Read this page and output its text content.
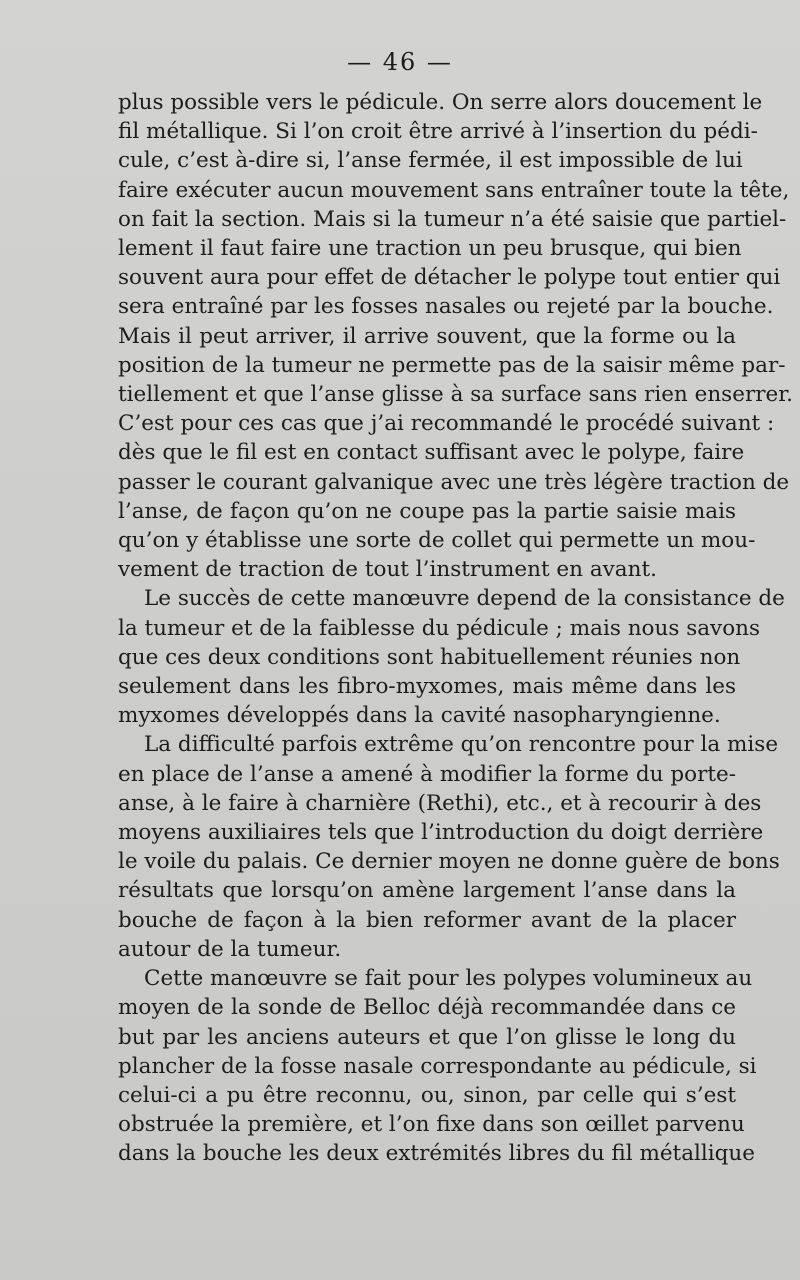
— 46 —
plus possible vers le pédicule. On serre alors doucement le
fil métallique. Si l’on croit être arrivé à l’insertion du pédi-
cule, c’est à-dire si, l’anse fermée, il est impossible de lui
faire exécuter aucun mouvement sans entraîner toute la tête,
on fait la section. Mais si la tumeur n’a été saisie que partiel-
lement il faut faire une traction un peu brusque, qui bien
souvent aura pour effet de détacher le polype tout entier qui
sera entraîné par les fosses nasales ou rejeté par la bouche.
Mais il peut arriver, il arrive souvent, que la forme ou la
position de la tumeur ne permette pas de la saisir même par-
tiellement et que l’anse glisse à sa surface sans rien enserrer.
C’est pour ces cas que j’ai recommandé le procédé suivant :
dès que le fil est en contact suffisant avec le polype, faire
passer le courant galvanique avec une très légère traction de
l’anse, de façon qu’on ne coupe pas la partie saisie mais
qu’on y établisse une sorte de collet qui permette un mou-
vement de traction de tout l’instrument en avant.
Le succès de cette manœuvre depend de la consistance de
la tumeur et de la faiblesse du pédicule ; mais nous savons
que ces deux conditions sont habituellement réunies non
seulement dans les fibro-myxomes, mais même dans les
myxomes développés dans la cavité nasopharyngienne.
La difficulté parfois extrême qu’on rencontre pour la mise
en place de l’anse a amené à modifier la forme du porte-
anse, à le faire à charnière (Rethi), etc., et à recourir à des
moyens auxiliaires tels que l’introduction du doigt derrière
le voile du palais. Ce dernier moyen ne donne guère de bons
résultats que lorsqu’on amène largement l’anse dans la
bouche de façon à la bien reformer avant de la placer
autour de la tumeur.
Cette manœuvre se fait pour les polypes volumineux au
moyen de la sonde de Belloc déjà recommandée dans ce
but par les anciens auteurs et que l’on glisse le long du
plancher de la fosse nasale correspondante au pédicule, si
celui-ci a pu être reconnu, ou, sinon, par celle qui s’est
obstruée la première, et l’on fixe dans son œillet parvenu
dans la bouche les deux extrémités libres du fil métallique
